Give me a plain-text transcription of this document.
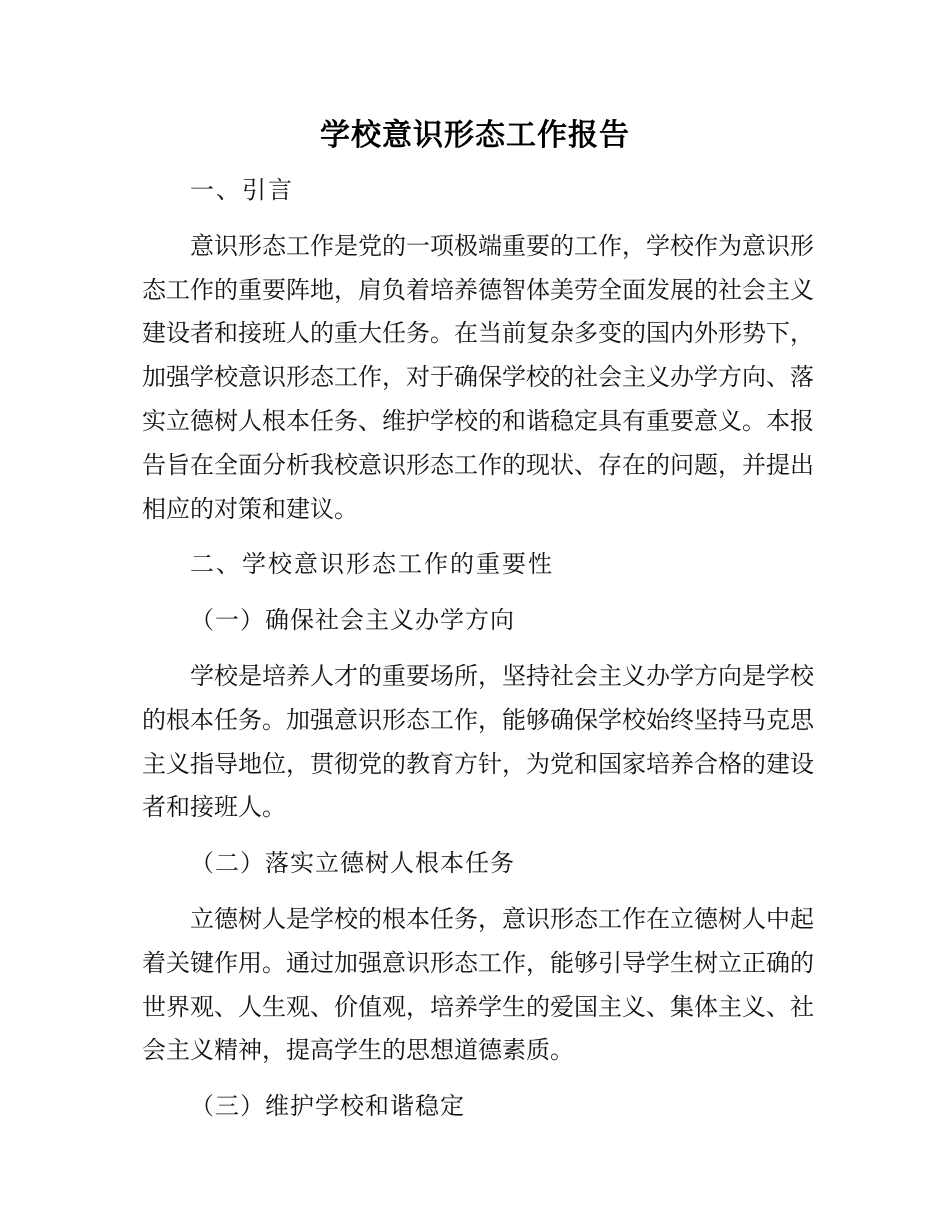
学校意识形态工作报告

一、引言

意识形态工作是党的一项极端重要的工作，学校作为意识形态工作的重要阵地，肩负着培养德智体美劳全面发展的社会主义建设者和接班人的重大任务。在当前复杂多变的国内外形势下，加强学校意识形态工作，对于确保学校的社会主义办学方向、落实立德树人根本任务、维护学校的和谐稳定具有重要意义。本报告旨在全面分析我校意识形态工作的现状、存在的问题，并提出相应的对策和建议。

二、学校意识形态工作的重要性

（一）确保社会主义办学方向

学校是培养人才的重要场所，坚持社会主义办学方向是学校的根本任务。加强意识形态工作，能够确保学校始终坚持马克思主义指导地位，贯彻党的教育方针，为党和国家培养合格的建设者和接班人。

（二）落实立德树人根本任务

立德树人是学校的根本任务，意识形态工作在立德树人中起着关键作用。通过加强意识形态工作，能够引导学生树立正确的世界观、人生观、价值观，培养学生的爱国主义、集体主义、社会主义精神，提高学生的思想道德素质。

（三）维护学校和谐稳定
